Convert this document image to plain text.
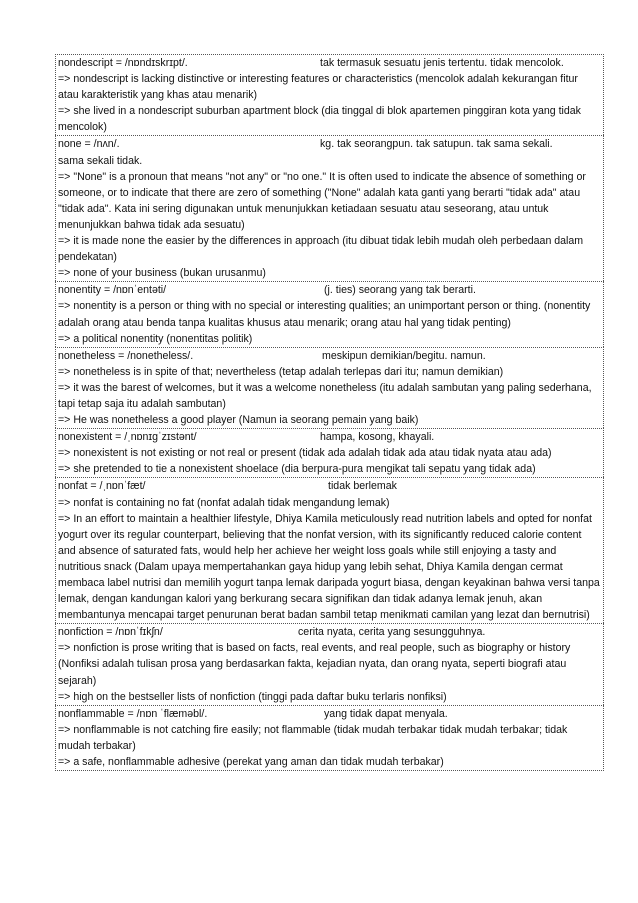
nondescript = /nɒndɪskrɪpt/.	tak termasuk sesuatu jenis tertentu. tidak mencolok.
=> nondescript is lacking distinctive or interesting features or characteristics (mencolok adalah kekurangan fitur atau karakteristik yang khas atau menarik)
=> she lived in a nondescript suburban apartment block (dia tinggal di blok apartemen pinggiran kota yang tidak mencolok)
none = /nʌn/.	kg. tak seorangpun. tak satupun. tak sama sekali.
sama sekali tidak.
=> "None" is a pronoun that means "not any" or "no one." It is often used to indicate the absence of something or someone, or to indicate that there are zero of something ("None" adalah kata ganti yang berarti "tidak ada" atau "tidak ada". Kata ini sering digunakan untuk menunjukkan ketiadaan sesuatu atau seseorang, atau untuk menunjukkan bahwa tidak ada sesuatu)
=> it is made none the easier by the differences in approach (itu dibuat tidak lebih mudah oleh perbedaan dalam pendekatan)
=> none of your business (bukan urusanmu)
nonentity = /nɒnˈentəti/	(j. ties) seorang yang tak berarti.
=> nonentity is a person or thing with no special or interesting qualities; an unimportant person or thing. (nonentity adalah orang atau benda tanpa kualitas khusus atau menarik; orang atau hal yang tidak penting)
=> a political nonentity (nonentitas politik)
nonetheless = /nonetheless/.	meskipun demikian/begitu. namun.
=> nonetheless is in spite of that; nevertheless (tetap adalah terlepas dari itu; namun demikian)
=> it was the barest of welcomes, but it was a welcome nonetheless (itu adalah sambutan yang paling sederhana, tapi tetap saja itu adalah sambutan)
=> He was nonetheless a good player (Namun ia seorang pemain yang baik)
nonexistent = /ˌnɒnɪɡˈzɪstənt/	hampa, kosong, khayali.
=> nonexistent is not existing or not real or present (tidak ada adalah tidak ada atau tidak nyata atau ada)
=> she pretended to tie a nonexistent shoelace (dia berpura-pura mengikat tali sepatu yang tidak ada)
nonfat = /ˌnɒnˈfæt/	tidak berlemak
=> nonfat is containing no fat (nonfat adalah tidak mengandung lemak)
=> In an effort to maintain a healthier lifestyle, Dhiya Kamila meticulously read nutrition labels and opted for nonfat yogurt over its regular counterpart, believing that the nonfat version, with its significantly reduced calorie content and absence of saturated fats, would help her achieve her weight loss goals while still enjoying a tasty and nutritious snack (Dalam upaya mempertahankan gaya hidup yang lebih sehat, Dhiya Kamila dengan cermat membaca label nutrisi dan memilih yogurt tanpa lemak daripada yogurt biasa, dengan keyakinan bahwa versi tanpa lemak, dengan kandungan kalori yang berkurang secara signifikan dan tidak adanya lemak jenuh, akan membantunya mencapai target penurunan berat badan sambil tetap menikmati camilan yang lezat dan bernutrisi)
nonfiction = /nɒnˈfɪkʃn/	cerita nyata, cerita yang sesungguhnya.
=> nonfiction is prose writing that is based on facts, real events, and real people, such as biography or history (Nonfiksi adalah tulisan prosa yang berdasarkan fakta, kejadian nyata, dan orang nyata, seperti biografi atau sejarah)
=> high on the bestseller lists of nonfiction (tinggi pada daftar buku terlaris nonfiksi)
nonflammable = /nɒn ˈflæməbl/.	yang tidak dapat menyala.
=> nonflammable is not catching fire easily; not flammable (tidak mudah terbakar tidak mudah terbakar; tidak mudah terbakar)
=> a safe, nonflammable adhesive (perekat yang aman dan tidak mudah terbakar)
